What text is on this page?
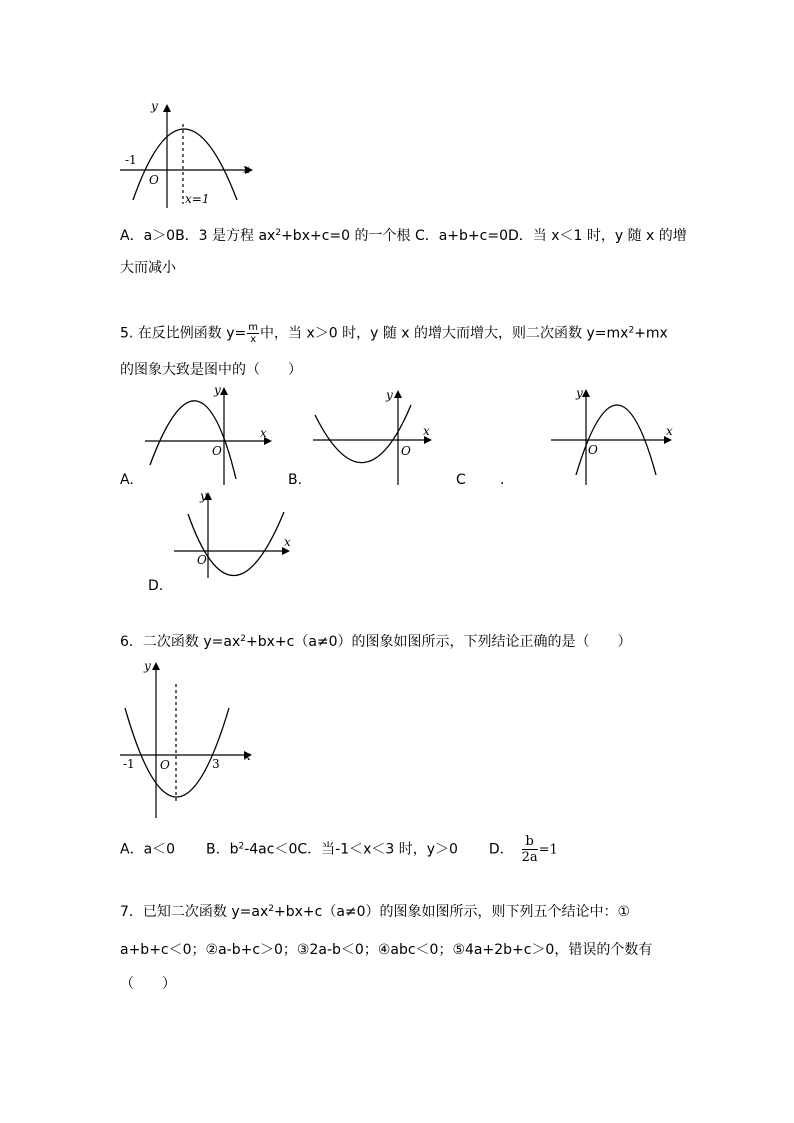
y
x
O
-1
x=1
A．a＞0B．3 是方程 $ax^2+bx+c=0$ 的一个根 C．a+b+c=0D．当 x＜1 时，y 随 x 的增
大而减小
5. 在反比例函数 $y= \frac{m}{x}$ 中，当 x＞0 时，y 随 x 的增大而增大，则二次函数 $y=mx^2+mx$
的图象大致是图中的（　　）
y
x
O
A.
y
x
O
B.	C .
y
x
O
y
x
O
D.
6．二次函数 $y=ax^2+bx+c(a\ne 0)$的图象如图所示，下列结论正确的是（　　）
y
x
O
-1	3
A．a＜0 B．$b^2-4ac<0C$．当-1＜x＜3 时，y＞0 D． $\frac{b}{2a} =1$
7．已知二次函数 $y=ax^2+bx+c(a\ne 0)$的图象如图所示，则下列五个结论中：①
a+b+c＜0；②a-b+c＞0；③2a-b＜0；④abc＜0；⑤4a+2b+c＞0，错误的个数有
（　　）
